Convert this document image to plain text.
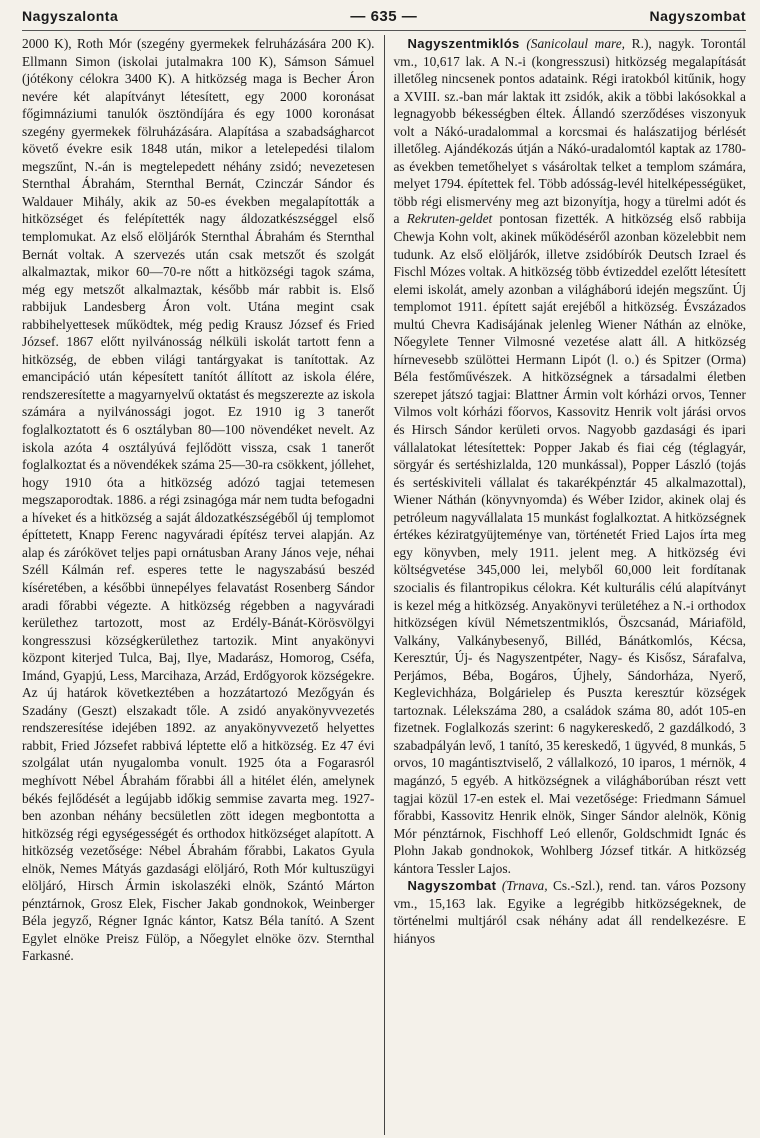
Nagyszalonta	— 635 —	Nagyszombat

2000 K), Roth Mór (szegény gyermekek felruházására 200 K). Ellmann Simon (iskolai jutalmakra 100 K), Sámson Sámuel (jótékony célokra 3400 K). A hitközség maga is Becher Áron nevére két alapítványt létesített, egy 2000 koronásat főgimnáziumi tanulók ösztöndíjára és egy 1000 koronásat szegény gyermekek fölruházására. Alapítása a szabadságharcot követő évekre esik 1848 után, mikor a letelepedési tilalom megszűnt, N.-án is megtelepedett néhány zsidó; nevezetesen Sternthal Ábrahám, Sternthal Bernát, Czinczár Sándor és Waldauer Mihály, akik az 50-es években megalapították a hitközséget és felépítették nagy áldozatkészséggel első templomukat. Az első elöljárók Sternthal Ábrahám és Sternthal Bernát voltak. A szervezés után csak metszőt és szolgát alkalmaztak, mikor 60—70-re nőtt a hitközségi tagok száma, még egy metszőt alkalmaztak, később már rabbit is. Első rabbijuk Landesberg Áron volt. Utána megint csak rabbihelyettesek működtek, még pedig Krausz József és Fried József. 1867 előtt nyilvánosság nélküli iskolát tartott fenn a hitközség, de ebben világi tantárgyakat is tanítottak. Az emancipáció után képesített tanítót állított az iskola élére, rendszeresítette a magyarnyelvű oktatást és megszerezte az iskola számára a nyilvánossági jogot. Ez 1910 ig 3 tanerőt foglalkoztatott és 6 osztályban 80—100 növendéket nevelt. Az iskola azóta 4 osztályúvá fejlődött vissza, csak 1 tanerőt foglalkoztat és a növendékek száma 25—30-ra csökkent, jóllehet, hogy 1910 óta a hitközség adózó tagjai tetemesen megszaporodtak. 1886. a régi zsinagóga már nem tudta befogadni a híveket és a hitközség a saját áldozatkészségéből új templomot építtetett, Knapp Ferenc nagyváradi építész tervei alapján. Az alap és zárókövet teljes papi ornátusban Arany János veje, néhai Széll Kálmán ref. esperes tette le nagyszabású beszéd kíséretében, a későbbi ünnepélyes felavatást Rosenberg Sándor aradi főrabbi végezte. A hitközség régebben a nagyváradi kerülethez tartozott, most az Erdély-Bánát-Körösvölgyi kongresszusi községkerülethez tartozik. Mint anyakönyvi központ kiterjed Tulca, Baj, Ilye, Madarász, Homorog, Cséfa, Imánd, Gyapjú, Less, Marcihaza, Arzád, Erdőgyorok községekre. Az új határok következtében a hozzátartozó Mezőgyán és Szadány (Geszt) elszakadt tőle. A zsidó anyakönyvvezetés rendszeresítése idejében 1892. az anyakönyvvezető helyettes rabbit, Fried Józsefet rabbivá léptette elő a hitközség. Ez 47 évi szolgálat után nyugalomba vonult. 1925 óta a Fogarasról meghívott Nébel Ábrahám főrabbi áll a hitélet élén, amelynek békés fejlődését a legújabb időkig semmise zavarta meg. 1927-ben azonban néhány becsületlen zött idegen megbontotta a hitközség régi egységességét és orthodox hitközséget alapított. A hitközség vezetősége: Nébel Ábrahám főrabbi, Lakatos Gyula elnök, Nemes Mátyás gazdasági elöljáró, Roth Mór kultuszügyi elöljáró, Hirsch Ármin iskolaszéki elnök, Szántó Márton pénztárnok, Grosz Elek, Fischer Jakab gondnokok, Weinberger Béla jegyző, Régner Ignác kántor, Katsz Béla tanító. A Szent Egylet elnöke Preisz Fülöp, a Nőegylet elnöke özv. Sternthal Farkasné.

Nagyszentmiklós (Sanicolaul mare, R.), nagyk. Torontál vm., 10,617 lak. A N.-i (kongresszusi) hitközség megalapítását illetőleg nincsenek pontos adataink. Régi iratokból kitűnik, hogy a XVIII. sz.-ban már laktak itt zsidók, akik a többi lakósokkal a legnagyobb békességben éltek. Állandó szerződéses viszonyuk volt a Nákó-uradalommal a korcsmai és halászatijog bérlését illetőleg. Ajándékozás útján a Nákó-uradalomtól kaptak az 1780-as években temetőhelyet s vásároltak telket a templom számára, melyet 1794. építettek fel. Több adósság-levél hitelképességüket, több régi elismervény meg azt bizonyítja, hogy a türelmi adót és a Rekruten-geldet pontosan fizették. A hitközség első rabbija Chewja Kohn volt, akinek működéséről azonban közelebbit nem tudunk. Az első elöljárók, illetve zsidóbírók Deutsch Izrael és Fischl Mózes voltak. A hitközség több évtizeddel ezelőtt létesített elemi iskolát, amely azonban a világháború idején megszűnt. Új templomot 1911. épített saját erejéből a hitközség. Évszázados multú Chevra Kadisájának jelenleg Wiener Náthán az elnöke, Nőegylete Tenner Vilmosné vezetése alatt áll. A hitközség hírnevesebb szülöttei Hermann Lipót (l. o.) és Spitzer (Orma) Béla festőművészek. A hitközségnek a társadalmi életben szerepet játszó tagjai: Blattner Ármin volt kórházi orvos, Tenner Vilmos volt kórházi főorvos, Kassovitz Henrik volt járási orvos és Hirsch Sándor kerületi orvos. Nagyobb gazdasági és ipari vállalatokat létesítettek: Popper Jakab és fiai cég (téglagyár, sörgyár és sertéshizlalda, 120 munkással), Popper László (tojás és sertéskiviteli vállalat és takarékpénztár 45 alkalmazottal), Wiener Náthán (könyvnyomda) és Wéber Izidor, akinek olaj és petróleum nagyvállalata 15 munkást foglalkoztat. A hitközségnek értékes kéziratgyüjteménye van, történetét Fried Lajos írta meg egy könyvben, mely 1911. jelent meg. A hitközség évi költségvetése 345,000 lei, melyből 60,000 leit fordítanak szocialis és filantropikus célokra. Két kulturális célú alapítványt is kezel még a hitközség. Anyakönyvi területéhez a N.-i orthodox hitközségen kívül Németszentmiklós, Öszcsanád, Máriaföld, Valkány, Valkánybesenyő, Billéd, Bánátkomlós, Kécsa, Keresztúr, Új- és Nagyszentpéter, Nagy- és Kisősz, Sárafalva, Perjámos, Béba, Bogáros, Újhely, Sándorháza, Nyerő, Keglevichháza, Bolgárielep és Puszta keresztúr községek tartoznak. Lélekszáma 280, a családok száma 80, adót 105-en fizetnek. Foglalkozás szerint: 6 nagykereskedő, 2 gazdálkodó, 3 szabadpályán levő, 1 tanító, 35 kereskedő, 1 ügyvéd, 8 munkás, 5 orvos, 10 magántisztviselő, 2 vállalkozó, 10 iparos, 1 mérnök, 4 magánzó, 5 egyéb. A hitközségnek a világháborúban részt vett tagjai közül 17-en estek el. Mai vezetősége: Friedmann Sámuel főrabbi, Kassovitz Henrik elnök, Singer Sándor alelnök, König Mór pénztárnok, Fischhoff Leó ellenőr, Goldschmidt Ignác és Plohn Jakab gondnokok, Wohlberg József titkár. A hitközség kántora Tessler Lajos.

Nagyszombat (Trnava, Cs.-Szl.), rend. tan. város Pozsony vm., 15,163 lak. Egyike a legrégibb hitközségeknek, de történelmi multjáról csak néhány adat áll rendelkezésre. E hiányos
